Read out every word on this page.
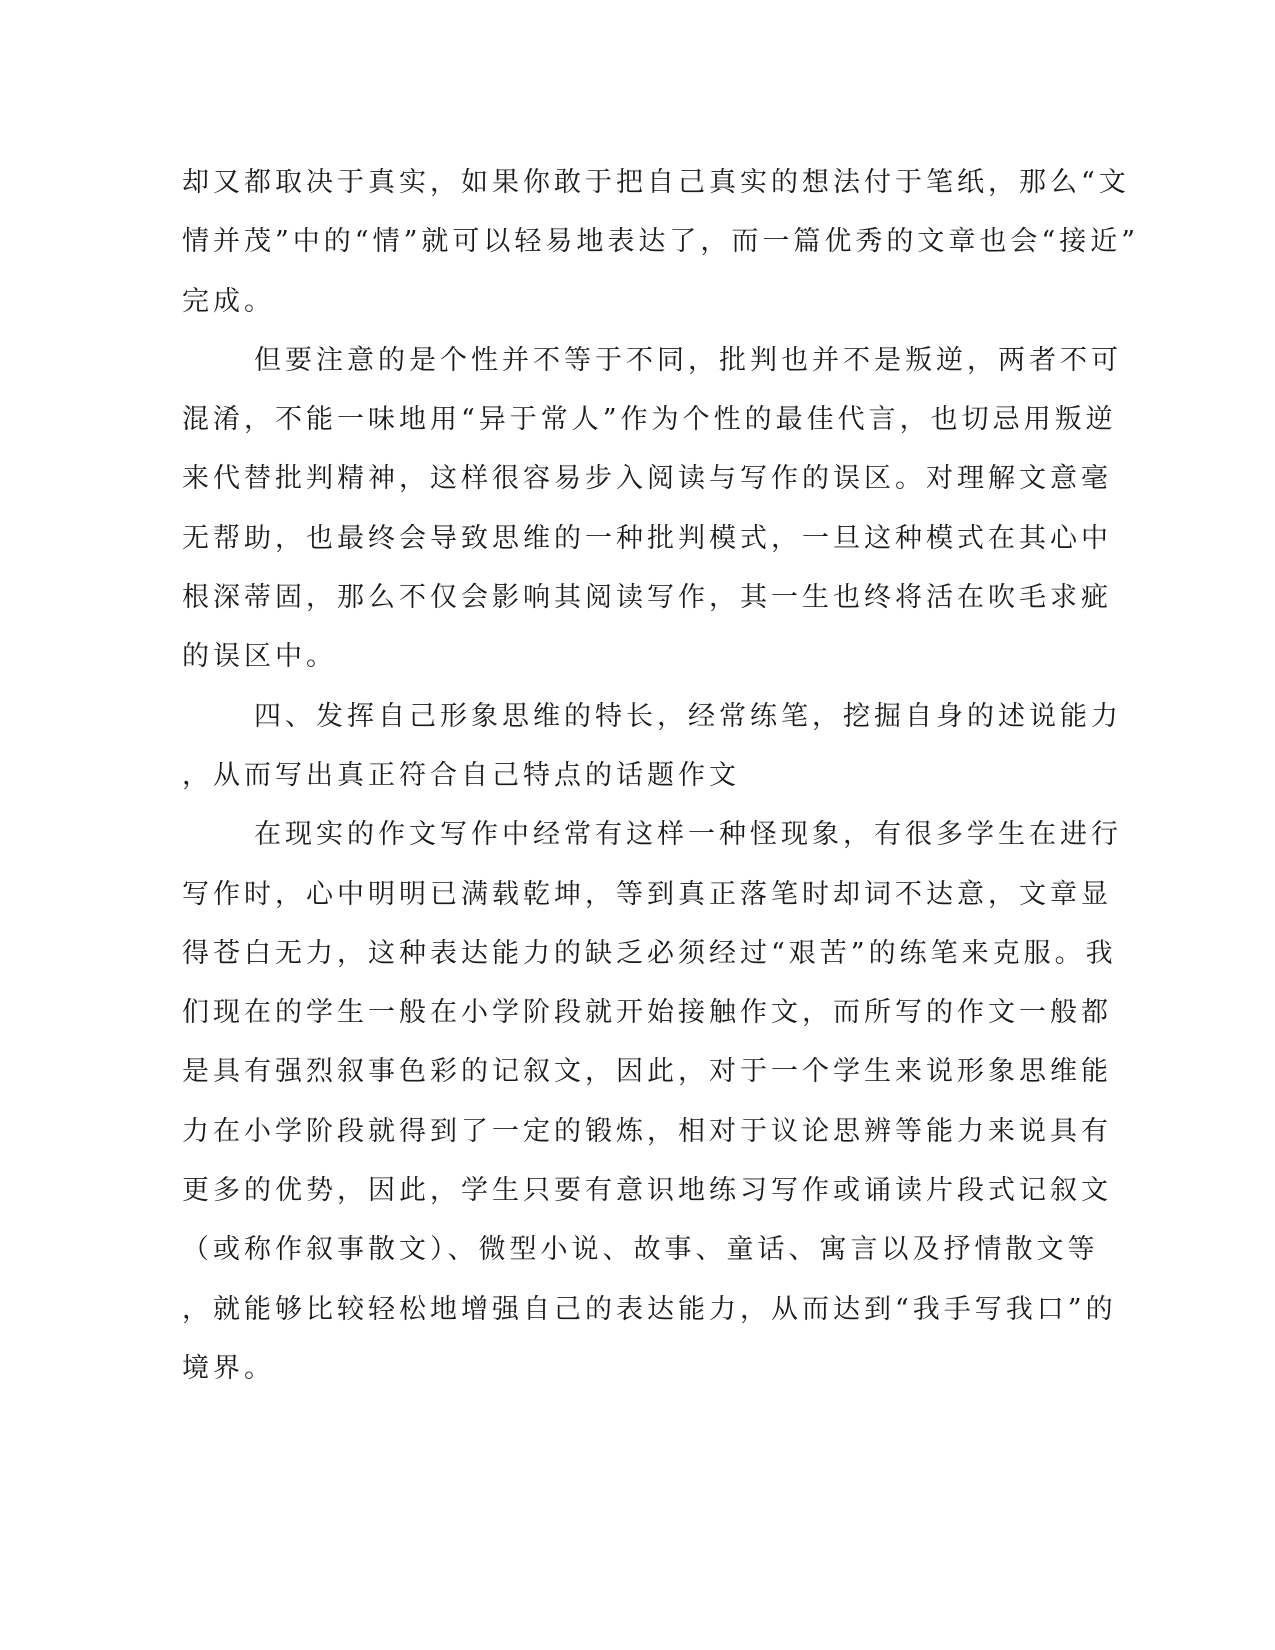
却又都取决于真实，如果你敢于把自己真实的想法付于笔纸，那么“文
情并茂”中的“情”就可以轻易地表达了，而一篇优秀的文章也会“接近”
完成。
但要注意的是个性并不等于不同，批判也并不是叛逆，两者不可
混淆，不能一味地用“异于常人”作为个性的最佳代言，也切忌用叛逆
来代替批判精神，这样很容易步入阅读与写作的误区。对理解文意毫
无帮助，也最终会导致思维的一种批判模式，一旦这种模式在其心中
根深蒂固，那么不仅会影响其阅读写作，其一生也终将活在吹毛求疵
的误区中。
四、发挥自己形象思维的特长，经常练笔，挖掘自身的述说能力
，从而写出真正符合自己特点的话题作文
在现实的作文写作中经常有这样一种怪现象，有很多学生在进行
写作时，心中明明已满载乾坤，等到真正落笔时却词不达意，文章显
得苍白无力，这种表达能力的缺乏必须经过“艰苦”的练笔来克服。我
们现在的学生一般在小学阶段就开始接触作文，而所写的作文一般都
是具有强烈叙事色彩的记叙文，因此，对于一个学生来说形象思维能
力在小学阶段就得到了一定的锻炼，相对于议论思辨等能力来说具有
更多的优势，因此，学生只要有意识地练习写作或诵读片段式记叙文
（或称作叙事散文）、微型小说、故事、童话、寓言以及抒情散文等
，就能够比较轻松地增强自己的表达能力，从而达到“我手写我口”的
境界。
